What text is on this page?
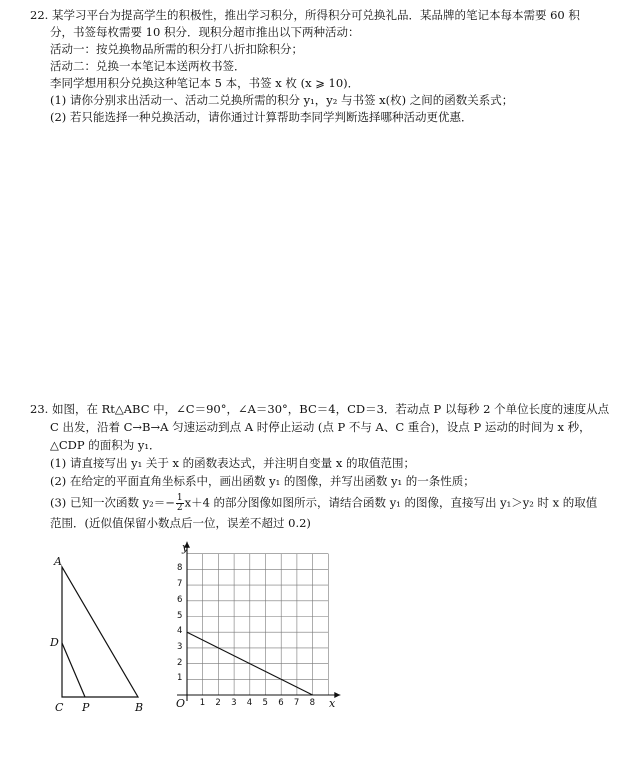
22. 某学习平台为提高学生的积极性，推出学习积分，所得积分可兑换礼品．某品牌的笔记本每本需要 60 积
分，书签每枚需要 10 积分．现积分超市推出以下两种活动：
活动一：按兑换物品所需的积分打八折扣除积分；
活动二：兑换一本笔记本送两枚书签．
李同学想用积分兑换这种笔记本 5 本，书签 x 枚 (x ⩾ 10)．
(1) 请你分别求出活动一、活动二兑换所需的积分 y₁，y₂ 与书签 x(枚) 之间的函数关系式；
(2) 若只能选择一种兑换活动，请你通过计算帮助李同学判断选择哪种活动更优惠．
23. 如图，在 Rt△ABC 中，∠C＝90°，∠A＝30°，BC＝4，CD＝3．若动点 P 以每秒 2 个单位长度的速度从点
C 出发，沿着 C→B→A 匀速运动到点 A 时停止运动 (点 P 不与 A、C 重合)，设点 P 运动的时间为 x 秒，
△CDP 的面积为 y₁．
(1) 请直接写出 y₁ 关于 x 的函数表达式，并注明自变量 x 的取值范围；
(2) 在给定的平面直角坐标系中，画出函数 y₁ 的图像，并写出函数 y₁ 的一条性质；
(3) 已知一次函数 $y_2=- \frac{1}{2} x+4$ 的部分图像如图所示，请结合函数 y₁ 的图像，直接写出 y₁＞y₂ 时 x 的取值
范围．(近似值保留小数点后一位，误差不超过 0.2)
A
D
C P	B
y
x
O 1 2 3 4 5 6 7 8
1
2
3
4
5
6
7
8
